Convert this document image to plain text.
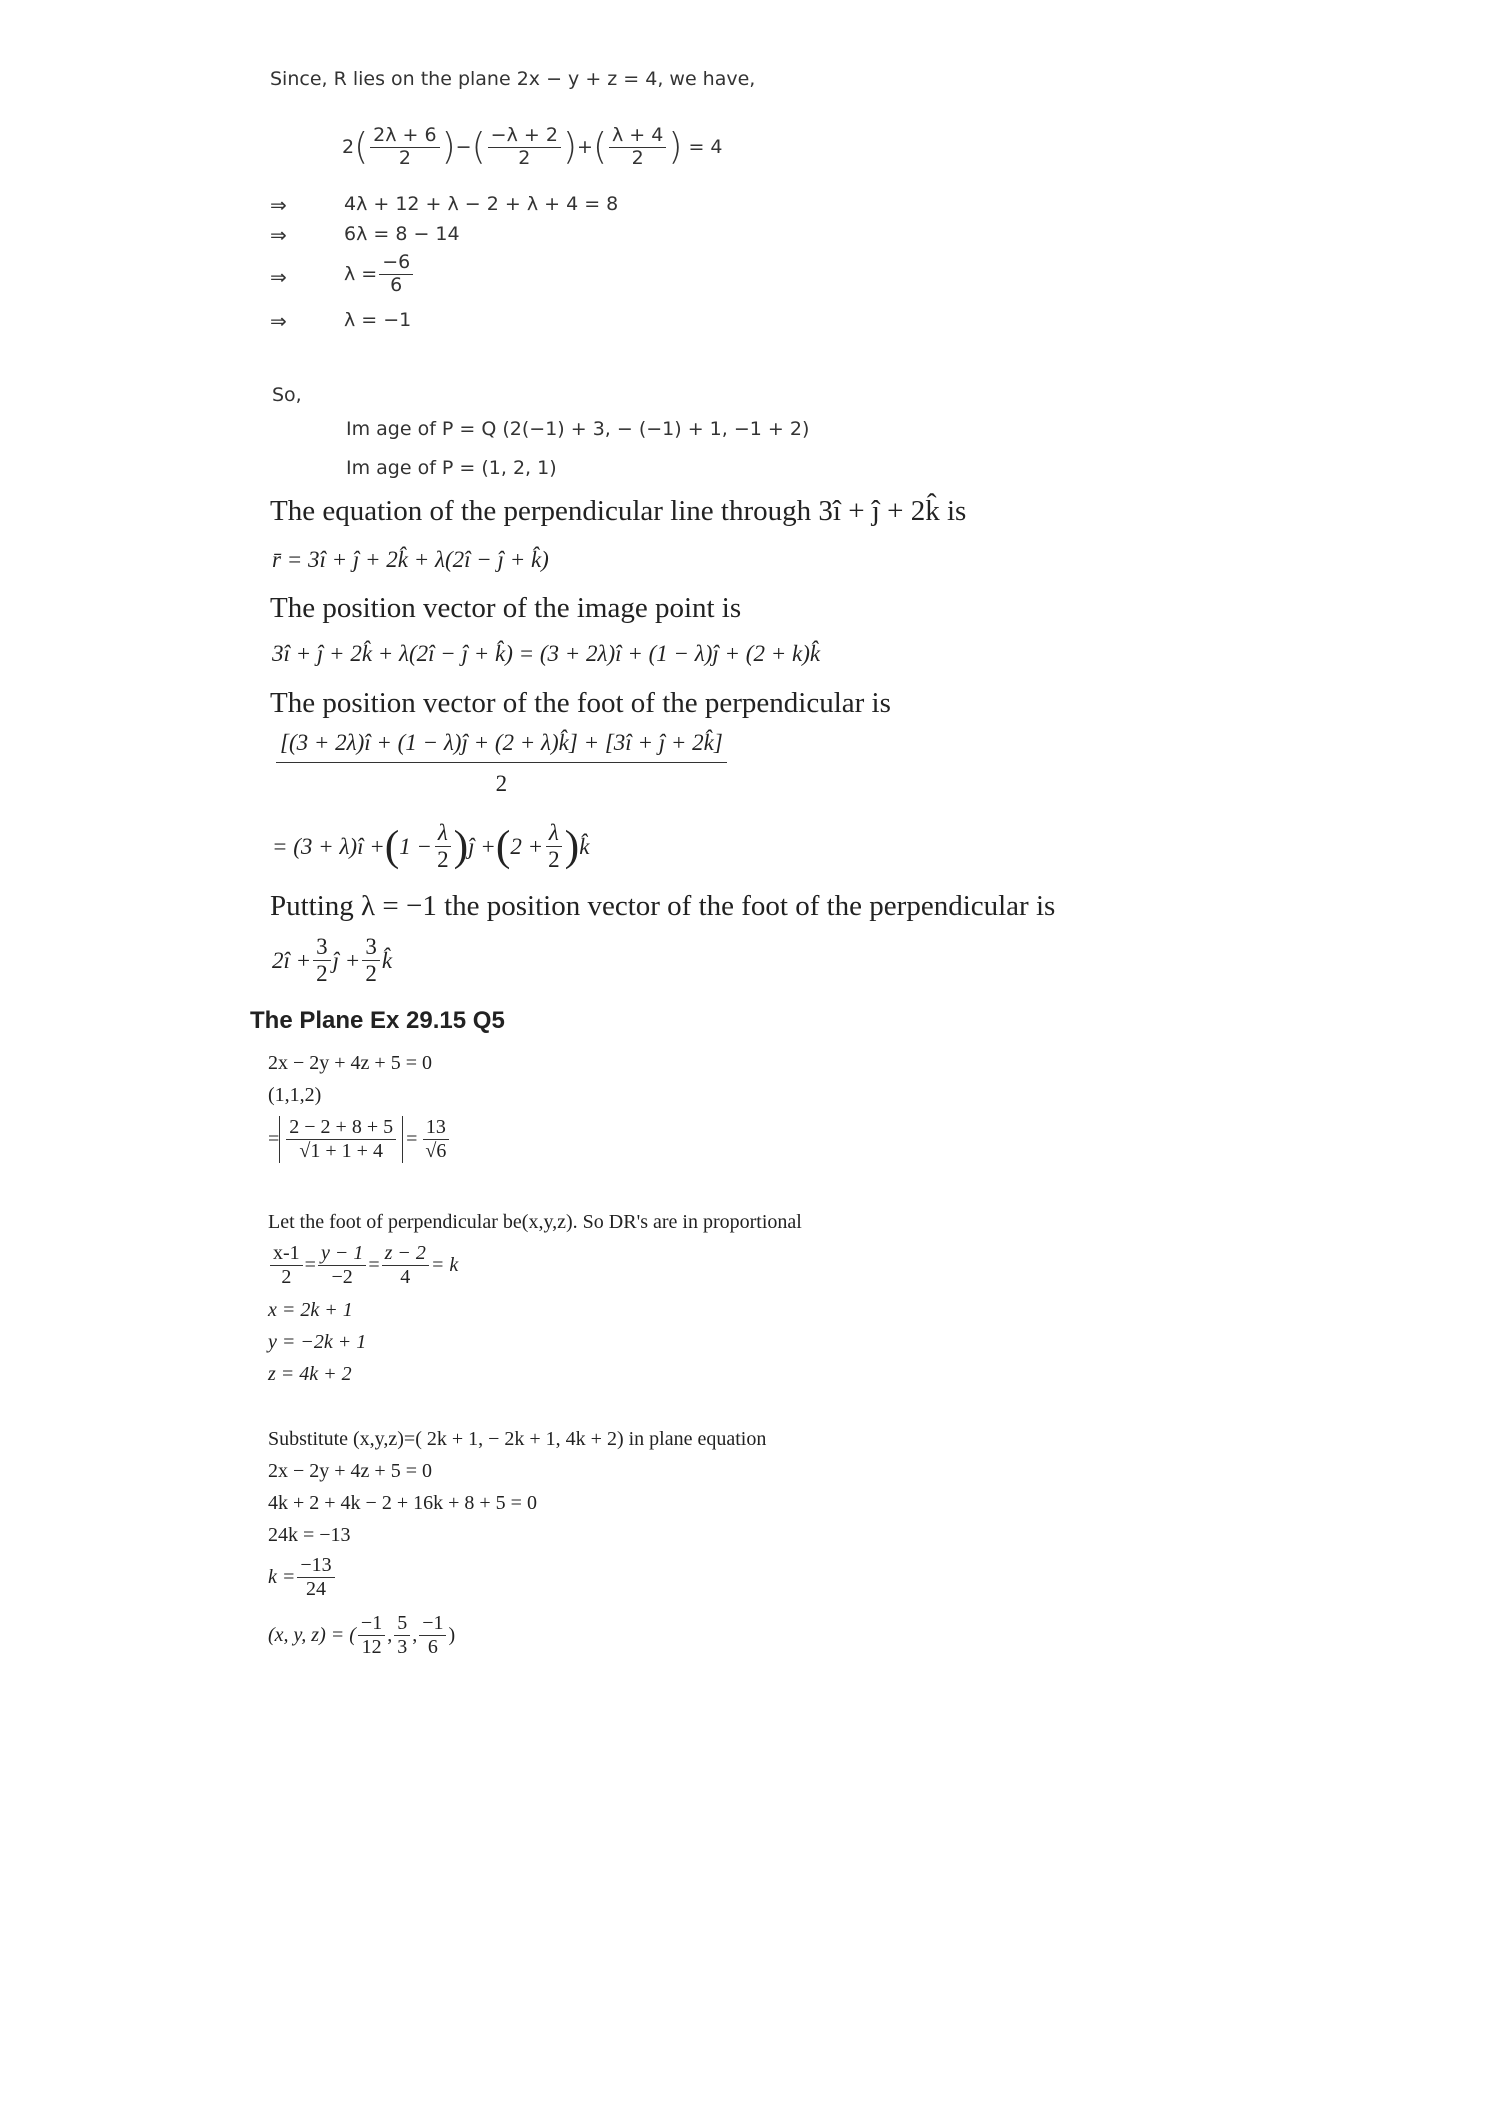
Since, R lies on the plane 2x − y + z = 4, we have,
2 ( $\frac{2\lambda + 6}{2}$ ) − ( $\frac{-\lambda + 2}{2}$ ) + ( $\frac{\lambda + 4}{2}$ ) = 4
⇒	4λ + 12 + λ − 2 + λ + 4 = 8
⇒	6λ = 8 − 14
⇒	$\lambda = \frac{-6}{6}$
⇒	λ = −1
So,
Im age of P = Q (2(−1) + 3, − (−1) + 1, −1 + 2)
Im age of P = (1, 2, 1)
The equation of the perpendicular line through 3î + ĵ + 2k̂ is
r̄ = 3î + ĵ + 2k̂ + λ(2î − ĵ + k̂)
The position vector of the image point is
3î + ĵ + 2k̂ + λ(2î − ĵ + k̂) = (3 + 2λ)î + (1 − λ)ĵ + (2 + k)k̂
The position vector of the foot of the perpendicular is
[(3 + 2λ)î + (1 − λ)ĵ + (2 + λ)k̂] + [3î + ĵ + 2k̂]
2
= (3 + λ)î + ( $1 - \frac{\lambda}{2}$ ) ĵ + ( $2 + \frac{\lambda}{2}$ ) k̂
Putting λ = −1 the position vector of the foot of the perpendicular is
2î + $\frac{3}{2}$ ĵ + $\frac{3}{2}$ k̂
The Plane Ex 29.15 Q5
2x − 2y + 4z + 5 = 0
(1,1,2)
= $\frac{2 - 2 + 8 + 5}{√1 + 1 + 4} = \frac{13}{√6}$
Let the foot of perpendicular be(x,y,z). So DR's are in proportional
$\frac{x-1}{2} = \frac{y - 1}{-2} = \frac{z - 2}{4} = k$
x = 2k + 1
y = −2k + 1
z = 4k + 2
Substitute (x,y,z)=( 2k + 1, − 2k + 1, 4k + 2) in plane equation
2x − 2y + 4z + 5 = 0
4k + 2 + 4k − 2 + 16k + 8 + 5 = 0
24k = −13
$k = \frac{-13}{24}$
(x, y, z) = ( $\frac{-1}{12}$ , $\frac{5}{3}$ , $\frac{-1}{6}$ )
